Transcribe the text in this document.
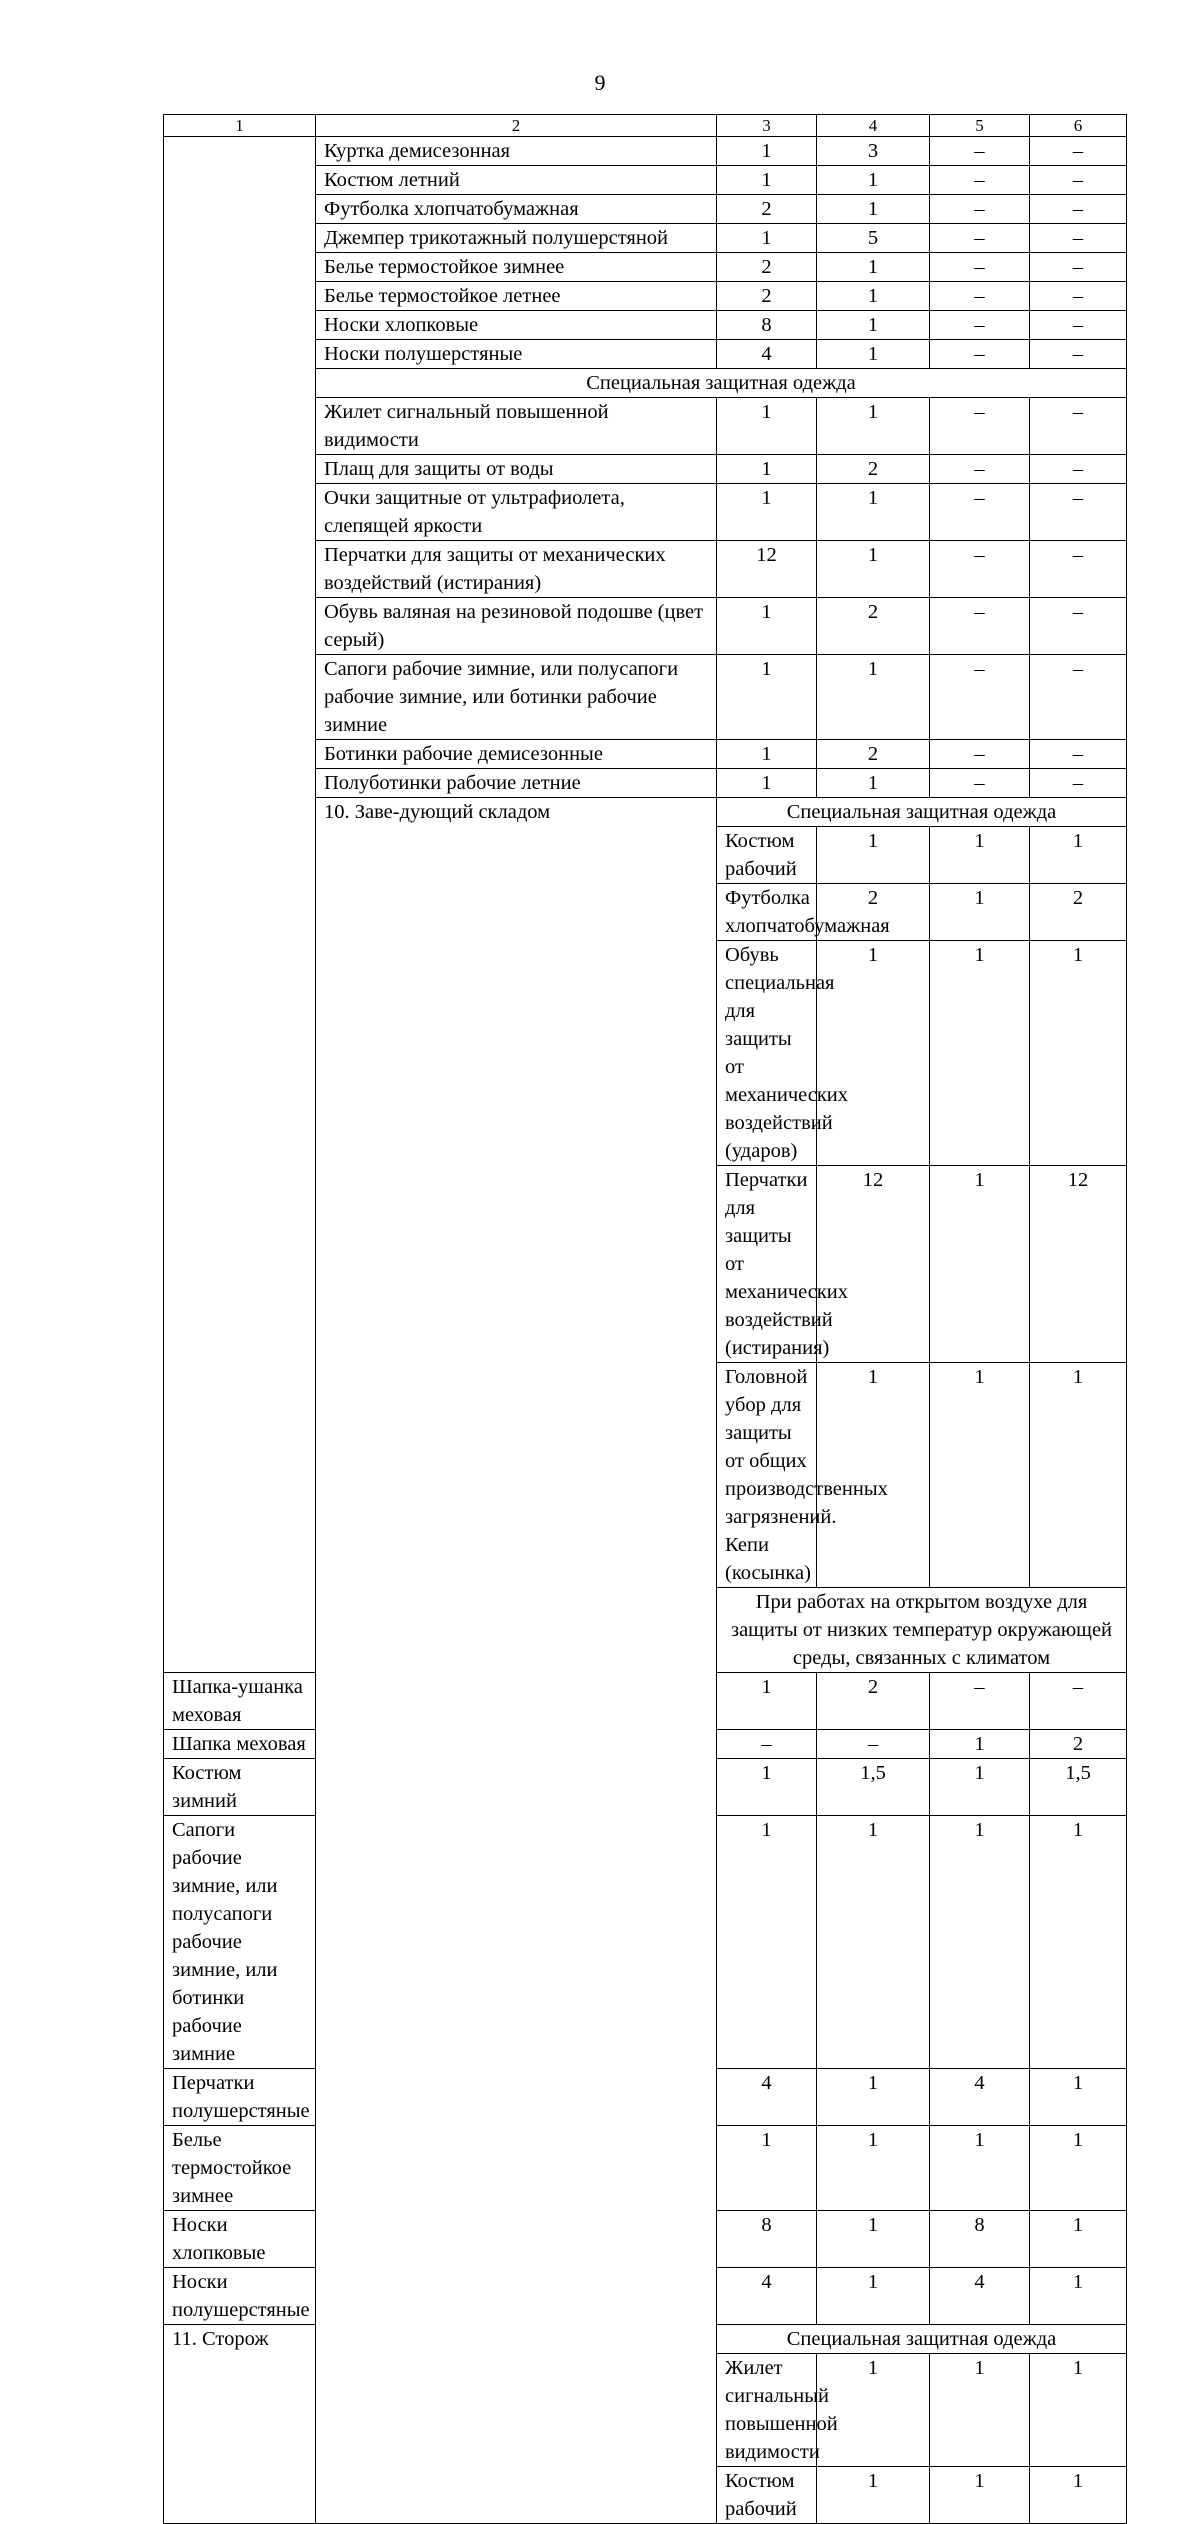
9
1	2	3	4	5	6	
	Куртка демисезонная	1	3	–	–	
	Костюм летний	1	1	–	–	
	Футболка хлопчатобумажная	2	1	–	–	
	Джемпер трикотажный полушерстяной	1	5	–	–	
	Белье термостойкое зимнее	2	1	–	–	
	Белье термостойкое летнее	2	1	–	–	
	Носки хлопковые	8	1	–	–	
	Носки полушерстяные	4	1	–	–	
	Специальная защитная одежда					
	Жилет сигнальный повышенной видимости	1	1	–	–	
	Плащ для защиты от воды	1	2	–	–	
	Очки защитные от ультрафиолета, слепящей яркости	1	1	–	–	
	Перчатки для защиты от механических воздействий (истирания)	12	1	–	–	
	Обувь валяная на резиновой подошве (цвет серый)	1	2	–	–	
	Сапоги рабочие зимние, или полусапоги рабочие зимние, или ботинки рабочие зимние	1	1	–	–	
	Ботинки рабочие демисезонные	1	2	–	–	
	Полуботинки рабочие летние	1	1	–	–	
	10. Заве-дующий складом	Специальная защитная одежда				
		Костюм рабочий	1	1	1	
		Футболка хлопчатобумажная	2	1	2	
		Обувь специальная для защиты от механических воздействий (ударов)	1	1	1	
		Перчатки для защиты от механических воздействий (истирания)	12	1	12	
		Головной убор для защиты от общих производственных загрязнений. Кепи (косынка)	1	1	1	
		При работах на открытом воздухе для защиты от низких температур окружающей среды, связанных с климатом				
Шапка-ушанка меховая		1	2	–	–	
Шапка меховая		–	–	1	2	
Костюм зимний		1	1,5	1	1,5	
Сапоги рабочие зимние, или полусапоги рабочие зимние, или ботинки рабочие зимние		1	1	1	1	
Перчатки полушерстяные		4	1	4	1	
Белье термостойкое зимнее		1	1	1	1	
Носки хлопковые		8	1	8	1	
Носки полушерстяные		4	1	4	1	
11. Сторож		Специальная защитная одежда				
		Жилет сигнальный повышенной видимости	1	1	1	
		Костюм рабочий	1	1	1	
